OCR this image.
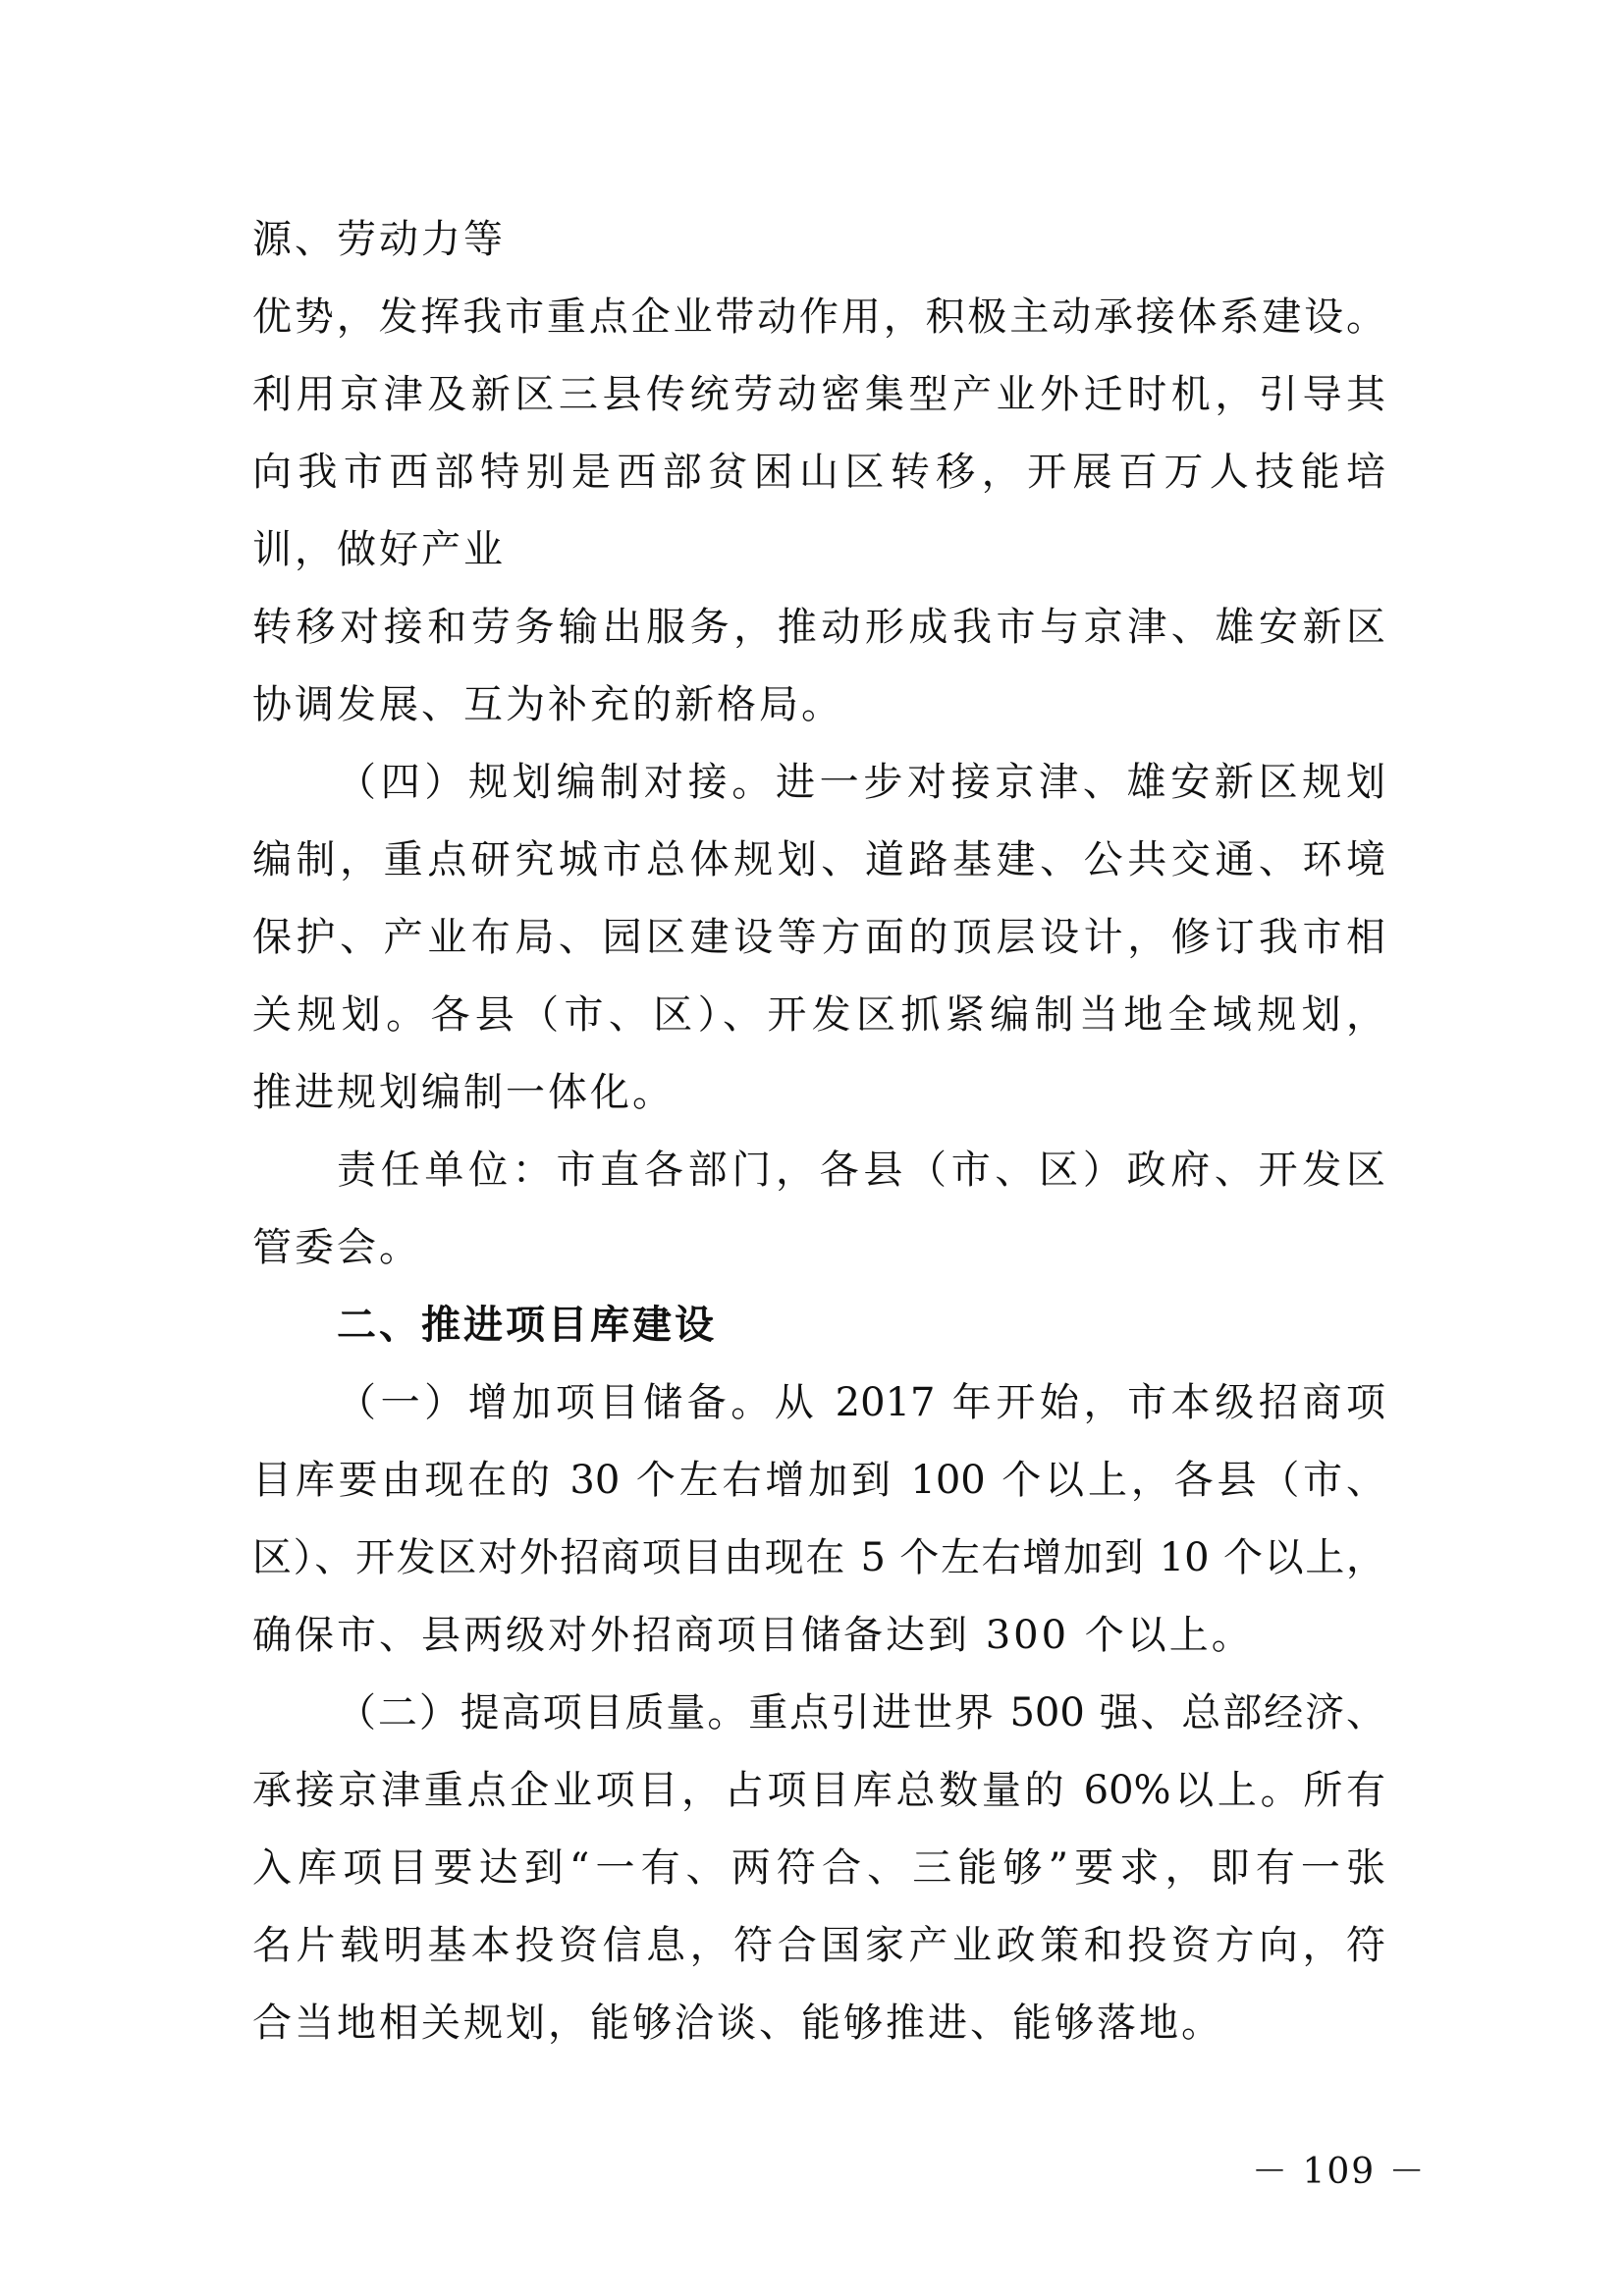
源、劳动力等
优势，发挥我市重点企业带动作用，积极主动承接体系建设。
利用京津及新区三县传统劳动密集型产业外迁时机，引导其
向我市西部特别是西部贫困山区转移，开展百万人技能培
训，做好产业
转移对接和劳务输出服务，推动形成我市与京津、雄安新区
协调发展、互为补充的新格局。
（四）规划编制对接。进一步对接京津、雄安新区规划
编制，重点研究城市总体规划、道路基建、公共交通、环境
保护、产业布局、园区建设等方面的顶层设计，修订我市相
关规划。各县（市、区）、开发区抓紧编制当地全域规划，
推进规划编制一体化。
责任单位：市直各部门，各县（市、区）政府、开发区
管委会。
二、推进项目库建设
（一）增加项目储备。从 2017 年开始，市本级招商项
目库要由现在的 30 个左右增加到 100 个以上，各县（市、
区）、开发区对外招商项目由现在 5 个左右增加到 10 个以上，
确保市、县两级对外招商项目储备达到 300 个以上。
（二）提高项目质量。重点引进世界 500 强、总部经济、
承接京津重点企业项目，占项目库总数量的 60%以上。所有
入库项目要达到“一有、两符合、三能够”要求，即有一张
名片载明基本投资信息，符合国家产业政策和投资方向，符
合当地相关规划，能够洽谈、能够推进、能够落地。
－ 109 －
